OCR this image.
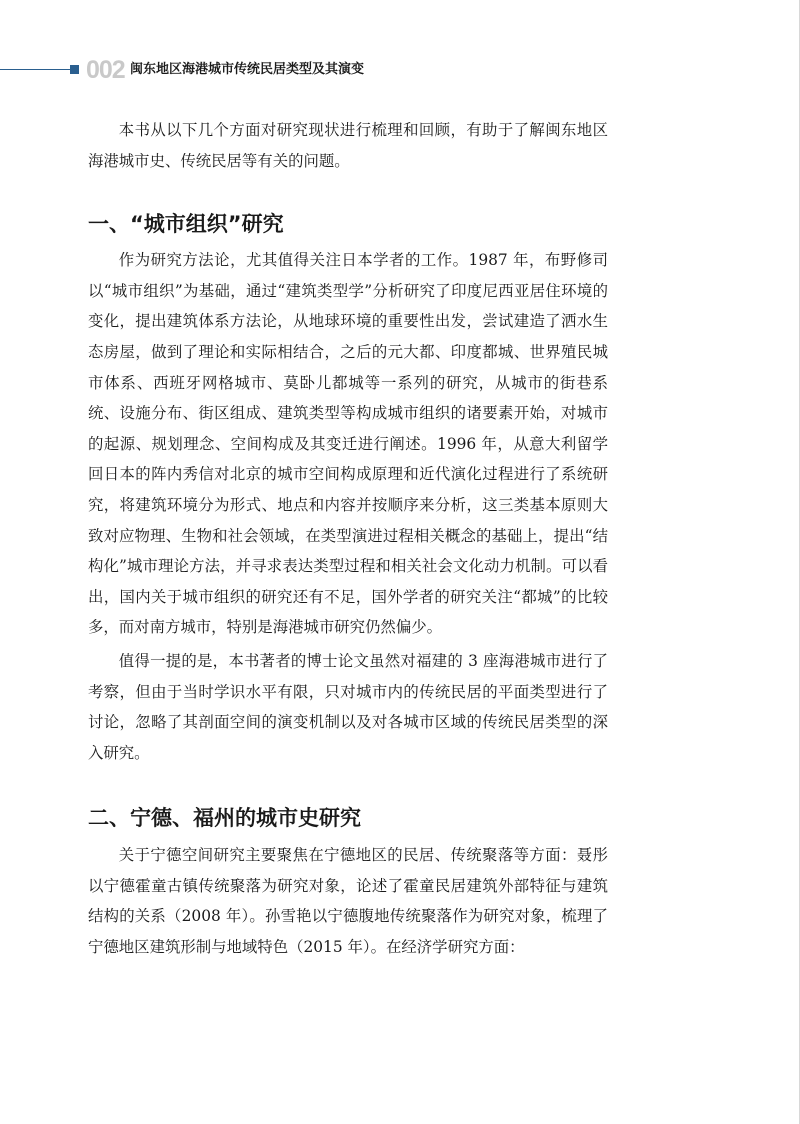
002 闽东地区海港城市传统民居类型及其演变

本书从以下几个方面对研究现状进行梳理和回顾，有助于了解闽东地区海港城市史、传统民居等有关的问题。

一、“城市组织”研究

作为研究方法论，尤其值得关注日本学者的工作。1987 年，布野修司以“城市组织”为基础，通过“建筑类型学”分析研究了印度尼西亚居住环境的变化，提出建筑体系方法论，从地球环境的重要性出发，尝试建造了洒水生态房屋，做到了理论和实际相结合，之后的元大都、印度都城、世界殖民城市体系、西班牙网格城市、莫卧儿都城等一系列的研究，从城市的街巷系统、设施分布、街区组成、建筑类型等构成城市组织的诸要素开始，对城市的起源、规划理念、空间构成及其变迁进行阐述。1996 年，从意大利留学回日本的阵内秀信对北京的城市空间构成原理和近代演化过程进行了系统研究，将建筑环境分为形式、地点和内容并按顺序来分析，这三类基本原则大致对应物理、生物和社会领域，在类型演进过程相关概念的基础上，提出“结构化”城市理论方法，并寻求表达类型过程和相关社会文化动力机制。可以看出，国内关于城市组织的研究还有不足，国外学者的研究关注“都城”的比较多，而对南方城市，特别是海港城市研究仍然偏少。

值得一提的是，本书著者的博士论文虽然对福建的 3 座海港城市进行了考察，但由于当时学识水平有限，只对城市内的传统民居的平面类型进行了讨论，忽略了其剖面空间的演变机制以及对各城市区域的传统民居类型的深入研究。

二、宁德、福州的城市史研究

关于宁德空间研究主要聚焦在宁德地区的民居、传统聚落等方面：聂彤以宁德霍童古镇传统聚落为研究对象，论述了霍童民居建筑外部特征与建筑结构的关系（2008 年）。孙雪艳以宁德腹地传统聚落作为研究对象，梳理了宁德地区建筑形制与地域特色（2015 年）。在经济学研究方面：
